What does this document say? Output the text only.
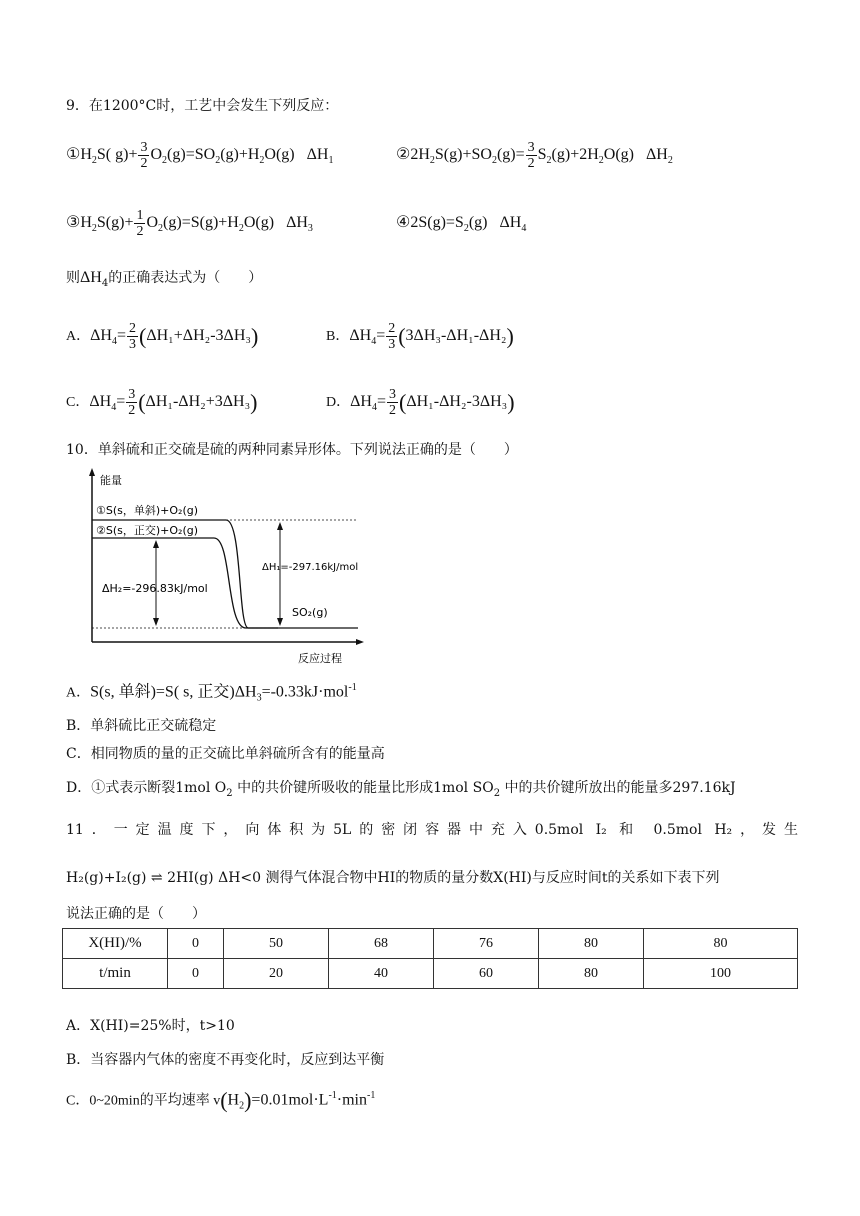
9．在1200°C时，工艺中会发生下列反应：
$①H_2S$( $g)+ \frac{3}{2} O_2(g)=SO_2(g)+H_2O(g)$ $\Delta H_1$	$②2H_2S(g)+SO_2(g)= \frac{3}{2} S_2(g)+2H_2O(g)$ $\Delta H_2$
$③H_2S(g)+ \frac{1}{2} O_2(g)=S(g)+H_2O(g)$ $\Delta H_3$	$④2S(g)=S_2(g)$ $\Delta H_4$
则$\Delta H_4$的正确表达式为（　　）
A．$\Delta H_4= \frac{2}{3} (\Delta H_1+\Delta H_2-3\Delta H_3)$	B．$\Delta H_4= \frac{2}{3} (3\Delta H_3-\Delta H_1-\Delta H_2)$
C．$\Delta H_4= \frac{3}{2} (\Delta H_1-\Delta H_2+3\Delta H_3)$	D．$\Delta H_4= \frac{3}{2} (\Delta H_1-\Delta H_2-3\Delta H_3)$
10．单斜硫和正交硫是硫的两种同素异形体。下列说法正确的是（　　）
能量
反应过程
①S(s，单斜)+O₂(g)
②S(s，正交)+O₂(g)
SO₂(g)
ΔH₂=-296.83kJ/mol
ΔH₁=-297.16kJ/mol
A．S(s, 单斜)=S( s, 正交)$\Delta H_3=-0.33kJ\cdot mol^{-1}$
B．单斜硫比正交硫稳定
C．相同物质的量的正交硫比单斜硫所含有的能量高
D．①式表示断裂1mol $O_2$ 中的共价键所吸收的能量比形成1mol $SO_2$ 中的共价键所放出的能量多297.16kJ
11．一定温度下，向体积为5L的密闭容器中充入0.5mol I₂ 和 0.5mol H₂，发生
H₂(g)+I₂(g) ⇌ 2HI(g) ΔH<0 测得气体混合物中HI的物质的量分数X(HI)与反应时间t的关系如下表下列
说法正确的是（　　）
X(HI)/%	0	50	68	76	80	80
t/min	0	20	40	60	80	100
A．X(HI)=25%时，t>10
B．当容器内气体的密度不再变化时，反应到达平衡
C．0~20min的平均速率 $v(H_2)=0.01mol\cdot L^{-1}\cdot\min^{-1}$
